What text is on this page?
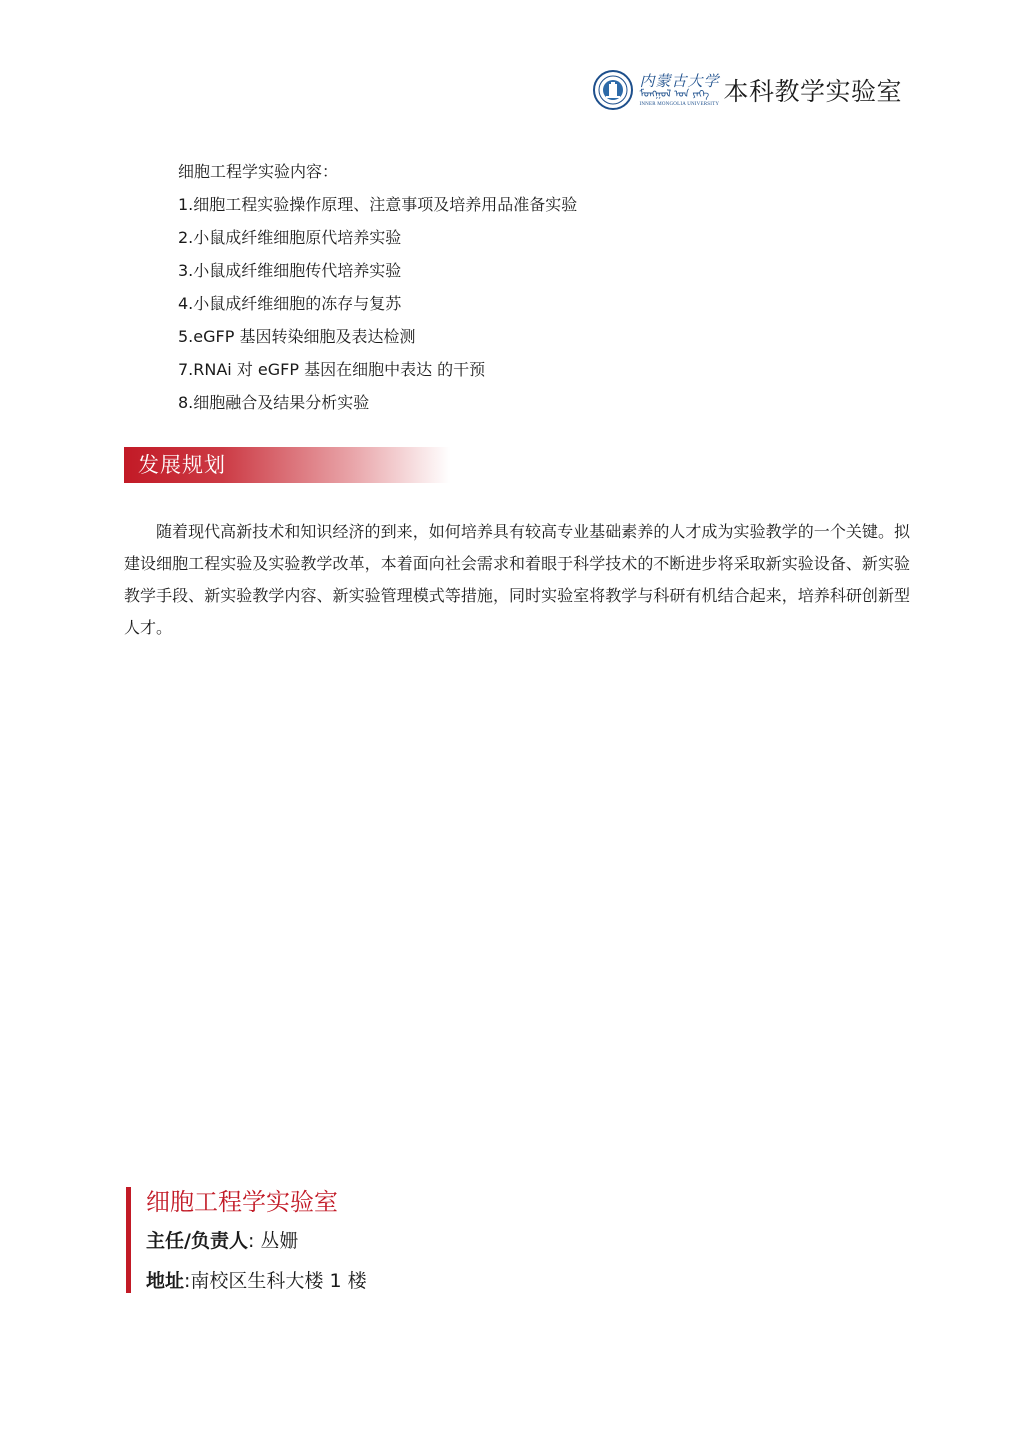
内蒙古大学
ᠮᠣᠩᠭᠣᠯ ᠤᠨ ᠶᠡᠬᠡ
INNER MONGOLIA UNIVERSITY 本科教学实验室
细胞工程学实验内容：
1.细胞工程实验操作原理、注意事项及培养用品准备实验
2.小鼠成纤维细胞原代培养实验
3.小鼠成纤维细胞传代培养实验
4.小鼠成纤维细胞的冻存与复苏
5.eGFP 基因转染细胞及表达检测
7.RNAi 对 eGFP 基因在细胞中表达 的干预
8.细胞融合及结果分析实验
发展规划

随着现代高新技术和知识经济的到来，如何培养具有较高专业基础素养的人才成为实验教学的一个关键。拟建设细胞工程实验及实验教学改革，本着面向社会需求和着眼于科学技术的不断进步将采取新实验设备、新实验教学手段、新实验教学内容、新实验管理模式等措施，同时实验室将教学与科研有机结合起来，培养科研创新型人才。

细胞工程学实验室
主任/负责人: 丛姗
地址:南校区生科大楼 1 楼
